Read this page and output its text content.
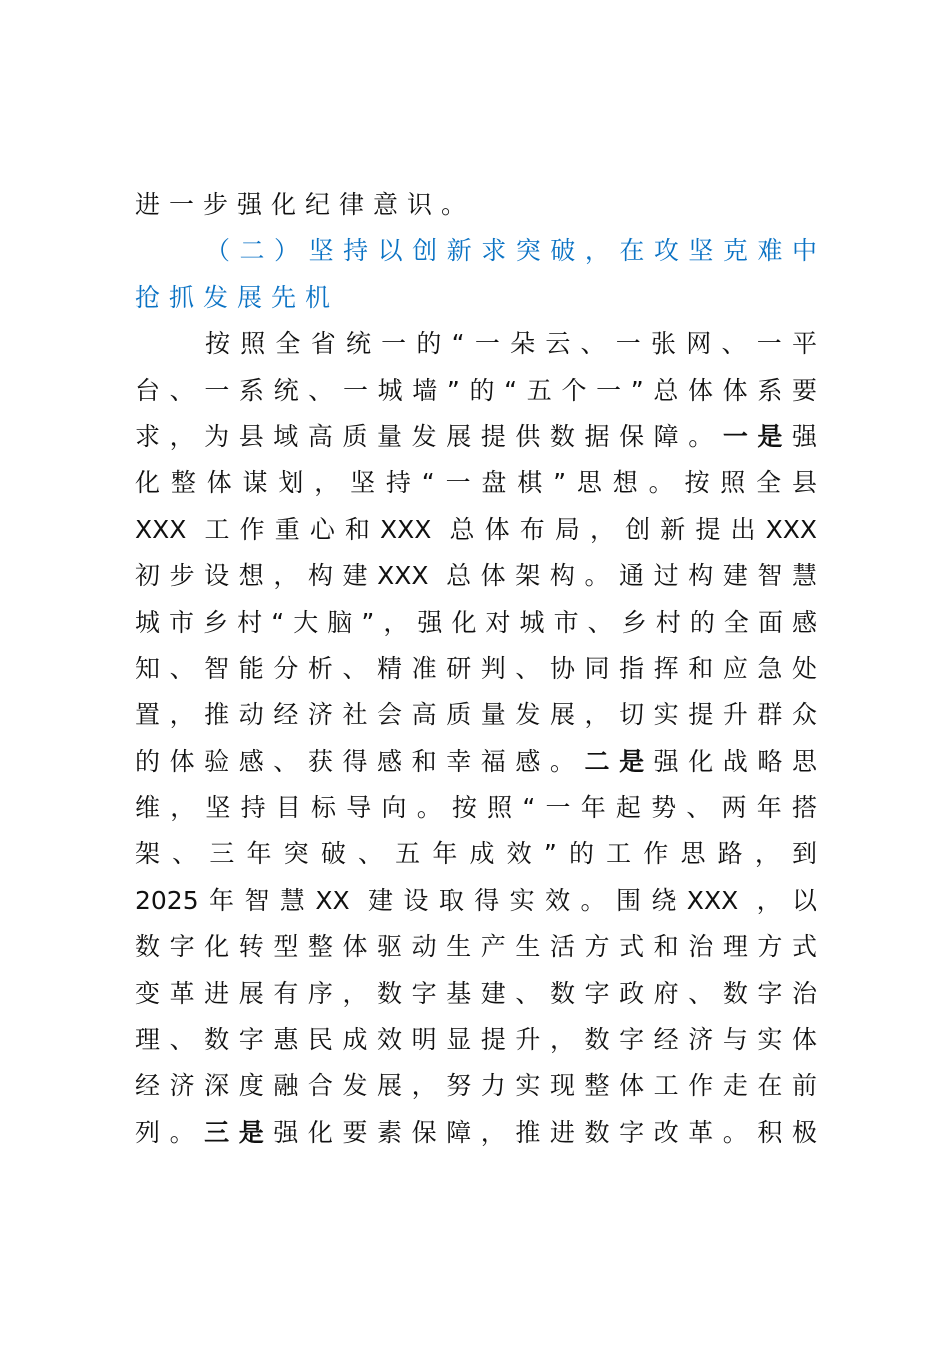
进一步强化纪律意识。
（二）坚持以创新求突破，在攻坚克难中
抢抓发展先机
按照全省统一的“一朵云、一张网、一平
台、一系统、一城墙”的“五个一”总体体系要
求，为县域高质量发展提供数据保障。一是强
化整体谋划，坚持“一盘棋”思想。按照全县
XXX 工作重心和XXX 总体布局，创新提出XXX
初步设想，构建XXX 总体架构。通过构建智慧
城市乡村“大脑”，强化对城市、乡村的全面感
知、智能分析、精准研判、协同指挥和应急处
置，推动经济社会高质量发展，切实提升群众
的体验感、获得感和幸福感。二是强化战略思
维，坚持目标导向。按照“一年起势、两年搭
架、三年突破、五年成效”的工作思路，到
2025年智慧XX 建设取得实效。围绕XXX ，以
数字化转型整体驱动生产生活方式和治理方式
变革进展有序，数字基建、数字政府、数字治
理、数字惠民成效明显提升，数字经济与实体
经济深度融合发展，努力实现整体工作走在前
列。三是强化要素保障，推进数字改革。积极
